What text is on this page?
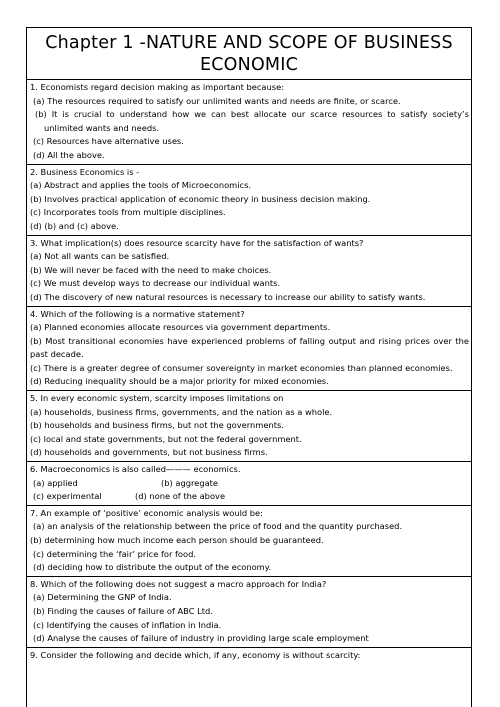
Chapter 1 -NATURE AND SCOPE OF BUSINESS
ECONOMIC

1. Economists regard decision making as important because:

(a) The resources required to satisfy our unlimited wants and needs are finite, or scarce.

(b) It is crucial to understand how we can best allocate our scarce resources to satisfy society’s unlimited wants and needs.

(c) Resources have alternative uses.

(d) All the above.

2. Business Economics is -

(a) Abstract and applies the tools of Microeconomics.

(b) Involves practical application of economic theory in business decision making.

(c) Incorporates tools from multiple disciplines.

(d) (b) and (c) above.

3. What implication(s) does resource scarcity have for the satisfaction of wants?

(a) Not all wants can be satisfied.

(b) We will never be faced with the need to make choices.

(c) We must develop ways to decrease our individual wants.

(d) The discovery of new natural resources is necessary to increase our ability to satisfy wants.

4. Which of the following is a normative statement?

(a) Planned economies allocate resources via government departments.

(b) Most transitional economies have experienced problems of falling output and rising prices over the past decade.

(c) There is a greater degree of consumer sovereignty in market economies than planned economies.

(d) Reducing inequality should be a major priority for mixed economies.

5. In every economic system, scarcity imposes limitations on

(a) households, business firms, governments, and the nation as a whole.

(b) households and business firms, but not the governments.

(c) local and state governments, but not the federal government.

(d) households and governments, but not business firms.

6. Macroeconomics is also called——— economics.

(a) applied	(b) aggregate

(c) experimental	(d) none of the above

7. An example of ‘positive’ economic analysis would be:

(a) an analysis of the relationship between the price of food and the quantity purchased.

(b) determining how much income each person should be guaranteed.

(c) determining the ‘fair’ price for food.

(d) deciding how to distribute the output of the economy.

8. Which of the following does not suggest a macro approach for India?

(a) Determining the GNP of India.

(b) Finding the causes of failure of ABC Ltd.

(c) Identifying the causes of inflation in India.

(d) Analyse the causes of failure of industry in providing large scale employment

9. Consider the following and decide which, if any, economy is without scarcity:
